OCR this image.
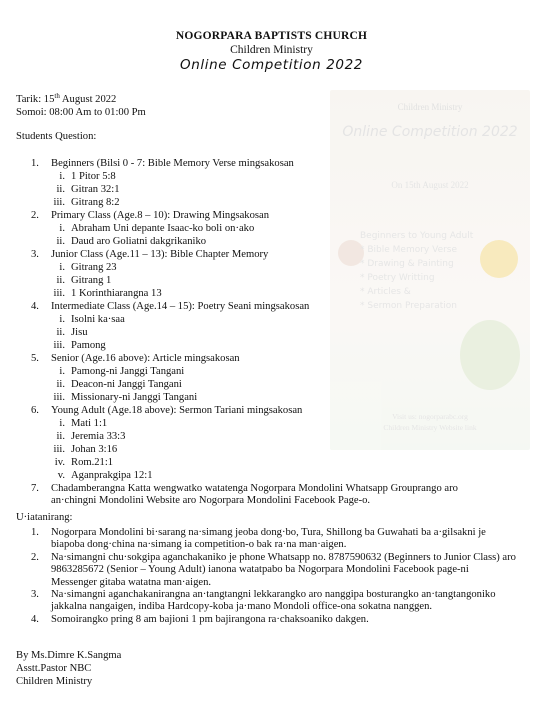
Children Ministry
Online Competition 2022
On 15th August 2022
Beginners to Young Adult
* Bible Memory Verse
* Drawing & Painting
* Poetry Writting
* Articles &
* Sermon Preparation
Visit us: nogorparabc.org
Children Ministry Website link
NOGORPARA BAPTISTS CHURCH
Children Ministry
Online Competition 2022
Tarik: 15th August 2022
Somoi: 08:00 Am to 01:00 Pm
Students Question:
1. Beginners (Bilsi 0 - 7: Bible Memory Verse mingsakosan
i. 1 Pitor 5:8
ii. Gitran 32:1
iii. Gitrang 8:2
2. Primary Class (Age.8 – 10): Drawing Mingsakosan
i. Abraham Uni depante Isaac-ko boli on·ako
ii. Daud aro Goliatni dakgrikaniko
3. Junior Class (Age.11 – 13): Bible Chapter Memory
i. Gitrang 23
ii. Gitrang 1
iii. 1 Korinthiarangna 13
4. Intermediate Class (Age.14 – 15): Poetry Seani mingsakosan
i. Isolni ka·saa
ii. Jisu
iii. Pamong
5. Senior (Age.16 above): Article mingsakosan
i. Pamong-ni Janggi Tangani
ii. Deacon-ni Janggi Tangani
iii. Missionary-ni Janggi Tangani
6. Young Adult (Age.18 above): Sermon Tariani mingsakosan
i. Mati 1:1
ii. Jeremia 33:3
iii. Johan 3:16
iv. Rom.21:1
v. Aganprakgipa 12:1
7. Chadamberangna Katta wengwatko watatenga Nogorpara Mondolini Whatsapp Grouprango aro an·chingni Mondolini Website aro Nogorpara Mondolini Facebook Page-o.
U·iatanirang:
1. Nogorpara Mondolini bi·sarang na·simang jeoba dong·bo, Tura, Shillong ba Guwahati ba a·gilsakni je biapoba dong·china na·simang ia competition-o bak ra·na man·aigen.
2. Na·simangni chu·sokgipa aganchakaniko je phone Whatsapp no. 8787590632 (Beginners to Junior Class) aro 9863285672 (Senior – Young Adult) ianona watatpabo ba Nogorpara Mondolini Facebook page-ni Messenger gitaba watatna man·aigen.
3. Na·simangni aganchakanirangna an·tangtangni lekkarangko aro nanggipa bosturangko an·tangtangoniko jakkalna nangaigen, indiba Hardcopy-koba ja·mano Mondoli office-ona sokatna nanggen.
4. Somoirangko pring 8 am bajioni 1 pm bajirangona ra·chaksoaniko dakgen.
By Ms.Dimre K.Sangma
Asstt.Pastor NBC
Children Ministry
